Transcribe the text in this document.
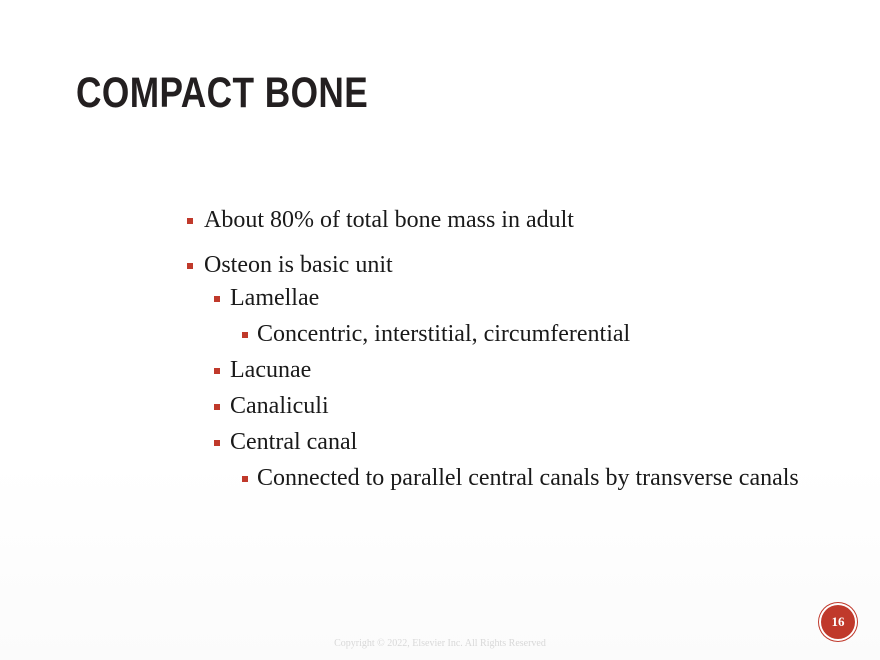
COMPACT BONE
About 80% of total bone mass in adult
Osteon is basic unit
Lamellae
Concentric, interstitial, circumferential
Lacunae
Canaliculi
Central canal
Connected to parallel central canals by transverse canals
16
Copyright © 2022, Elsevier Inc. All Rights Reserved
